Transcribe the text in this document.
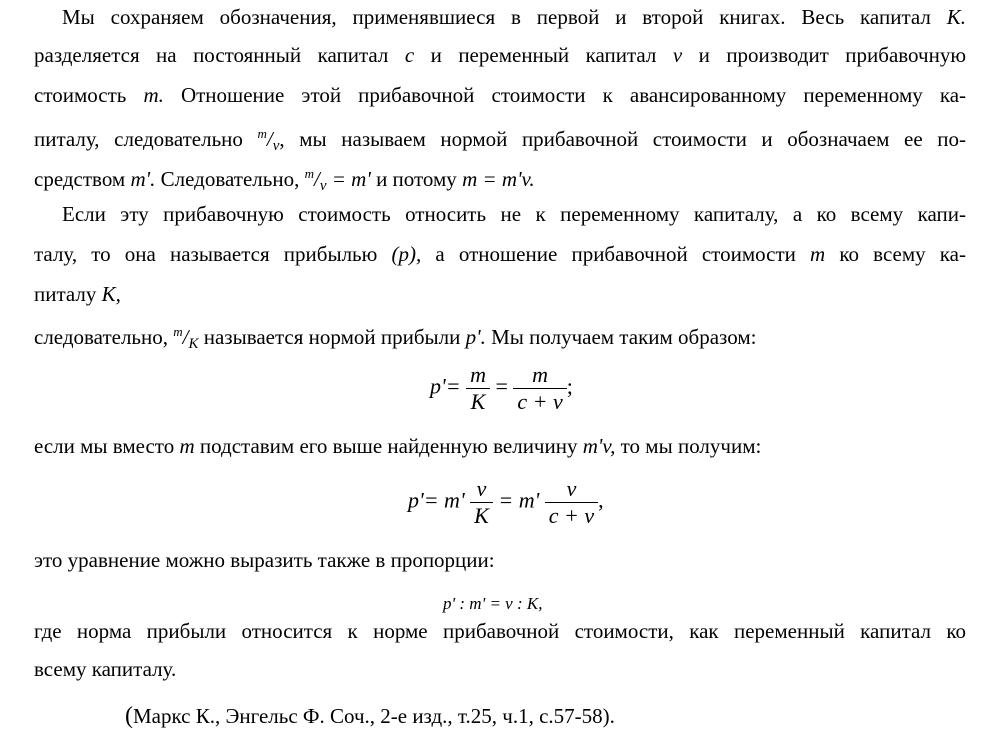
Мы сохраняем обозначения, применявшиеся в первой и второй книгах. Весь капитал K.
разделяется на постоянный капитал c и переменный капитал v и производит прибавочную
стоимость m. Отношение этой прибавочной стоимости к авансированному переменному ка-
питалу, следовательно $^m/_v$, мы называем нормой прибавочной стоимости и обозначаем ее по-
средством m'. Следовательно, $^m/_v = m'$ и потому m = m'v.
Если эту прибавочную стоимость относить не к переменному капиталу, а ко всему капи-
талу, то она называется прибылью (p), а отношение прибавочной стоимости m ко всему ка-
питалу K,
следовательно, $^m/_K$ называется нормой прибыли p'. Мы получаем таким образом:
$p'= \frac{m}{K} = \frac{m}{c + v}$ ;
если мы вместо m подставим его выше найденную величину m'v, то мы получим:
$p'= m' \frac{v}{K} = m' \frac{v}{c + v}$ ,
это уравнение можно выразить также в пропорции:
p' : m' = v : K,
где норма прибыли относится к норме прибавочной стоимости, как переменный капитал ко
всему капиталу.
(Маркс К., Энгельс Ф. Соч., 2-е изд., т.25, ч.1, с.57-58).
